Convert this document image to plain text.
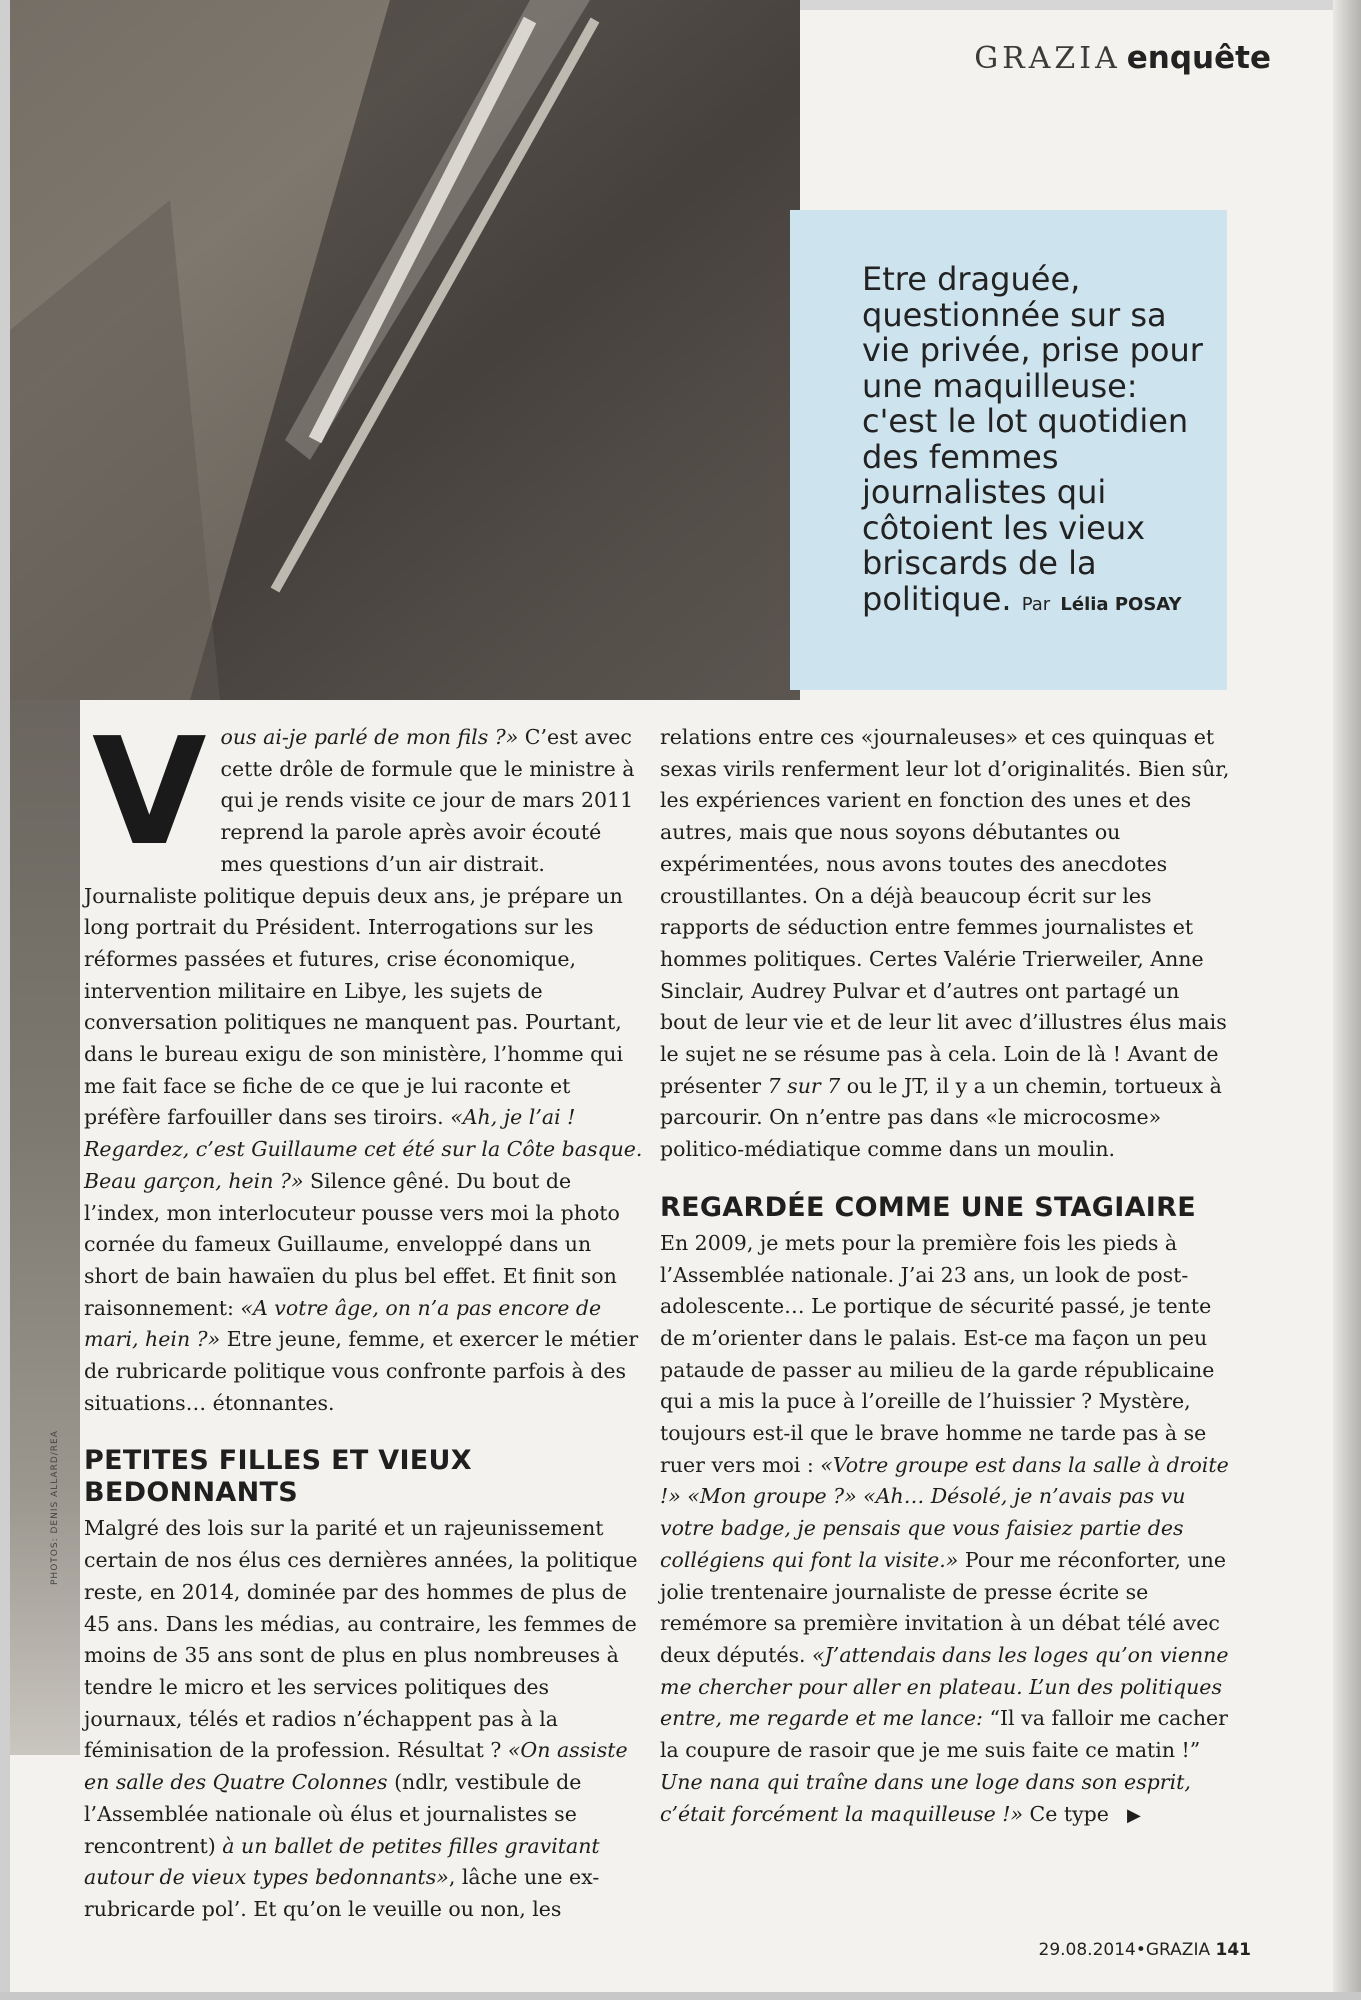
GRAZIA enquête
Etre draguée, questionnée sur sa vie privée, prise pour une maquilleuse: c'est le lot quotidien des femmes journalistes qui côtoient les vieux briscards de la politique. Par Lélia POSAY

V ous ai-je parlé de mon fils ?» C’est avec cette drôle de formule que le ministre à qui je rends visite ce jour de mars 2011 reprend la parole après avoir écouté mes questions d’un air distrait. Journaliste politique depuis deux ans, je prépare un long portrait du Président. Interrogations sur les réformes passées et futures, crise économique, intervention militaire en Libye, les sujets de conversation politiques ne manquent pas. Pourtant, dans le bureau exigu de son ministère, l’homme qui me fait face se fiche de ce que je lui raconte et préfère farfouiller dans ses tiroirs. «Ah, je l’ai ! Regardez, c’est Guillaume cet été sur la Côte basque. Beau garçon, hein ?» Silence gêné. Du bout de l’index, mon interlocuteur pousse vers moi la photo cornée du fameux Guillaume, enveloppé dans un short de bain hawaïen du plus bel effet. Et finit son raisonnement: «A votre âge, on n’a pas encore de mari, hein ?» Etre jeune, femme, et exercer le métier de rubricarde politique vous confronte parfois à des situations… étonnantes.

PETITES FILLES ET VIEUX BEDONNANTS

Malgré des lois sur la parité et un rajeunissement certain de nos élus ces dernières années, la politique reste, en 2014, dominée par des hommes de plus de 45 ans. Dans les médias, au contraire, les femmes de moins de 35 ans sont de plus en plus nombreuses à tendre le micro et les services politiques des journaux, télés et radios n’échappent pas à la féminisation de la profession. Résultat ? «On assiste en salle des Quatre Colonnes (ndlr, vestibule de l’Assemblée nationale où élus et journalistes se rencontrent) à un ballet de petites filles gravitant autour de vieux types bedonnants», lâche une ex-rubricarde pol’. Et qu’on le veuille ou non, les

relations entre ces «journaleuses» et ces quinquas et sexas virils renferment leur lot d’originalités. Bien sûr, les expériences varient en fonction des unes et des autres, mais que nous soyons débutantes ou expérimentées, nous avons toutes des anecdotes croustillantes. On a déjà beaucoup écrit sur les rapports de séduction entre femmes journalistes et hommes politiques. Certes Valérie Trierweiler, Anne Sinclair, Audrey Pulvar et d’autres ont partagé un bout de leur vie et de leur lit avec d’illustres élus mais le sujet ne se résume pas à cela. Loin de là ! Avant de présenter 7 sur 7 ou le JT, il y a un chemin, tortueux à parcourir. On n’entre pas dans «le microcosme» politico-médiatique comme dans un moulin.

REGARDÉE COMME UNE STAGIAIRE

En 2009, je mets pour la première fois les pieds à l’Assemblée nationale. J’ai 23 ans, un look de post-adolescente… Le portique de sécurité passé, je tente de m’orienter dans le palais. Est-ce ma façon un peu pataude de passer au milieu de la garde républicaine qui a mis la puce à l’oreille de l’huissier ? Mystère, toujours est-il que le brave homme ne tarde pas à se ruer vers moi : «Votre groupe est dans la salle à droite !» «Mon groupe ?» «Ah… Désolé, je n’avais pas vu votre badge, je pensais que vous faisiez partie des collégiens qui font la visite.» Pour me réconforter, une jolie trentenaire journaliste de presse écrite se remémore sa première invitation à un débat télé avec deux députés. «J’attendais dans les loges qu’on vienne me chercher pour aller en plateau. L’un des politiques entre, me regarde et me lance: “Il va falloir me cacher la coupure de rasoir que je me suis faite ce matin !” Une nana qui traîne dans une loge dans son esprit, c’était forcément la maquilleuse !» Ce type ▶

PHOTOS: DENIS ALLARD/REA
29.08.2014•GRAZIA 141
